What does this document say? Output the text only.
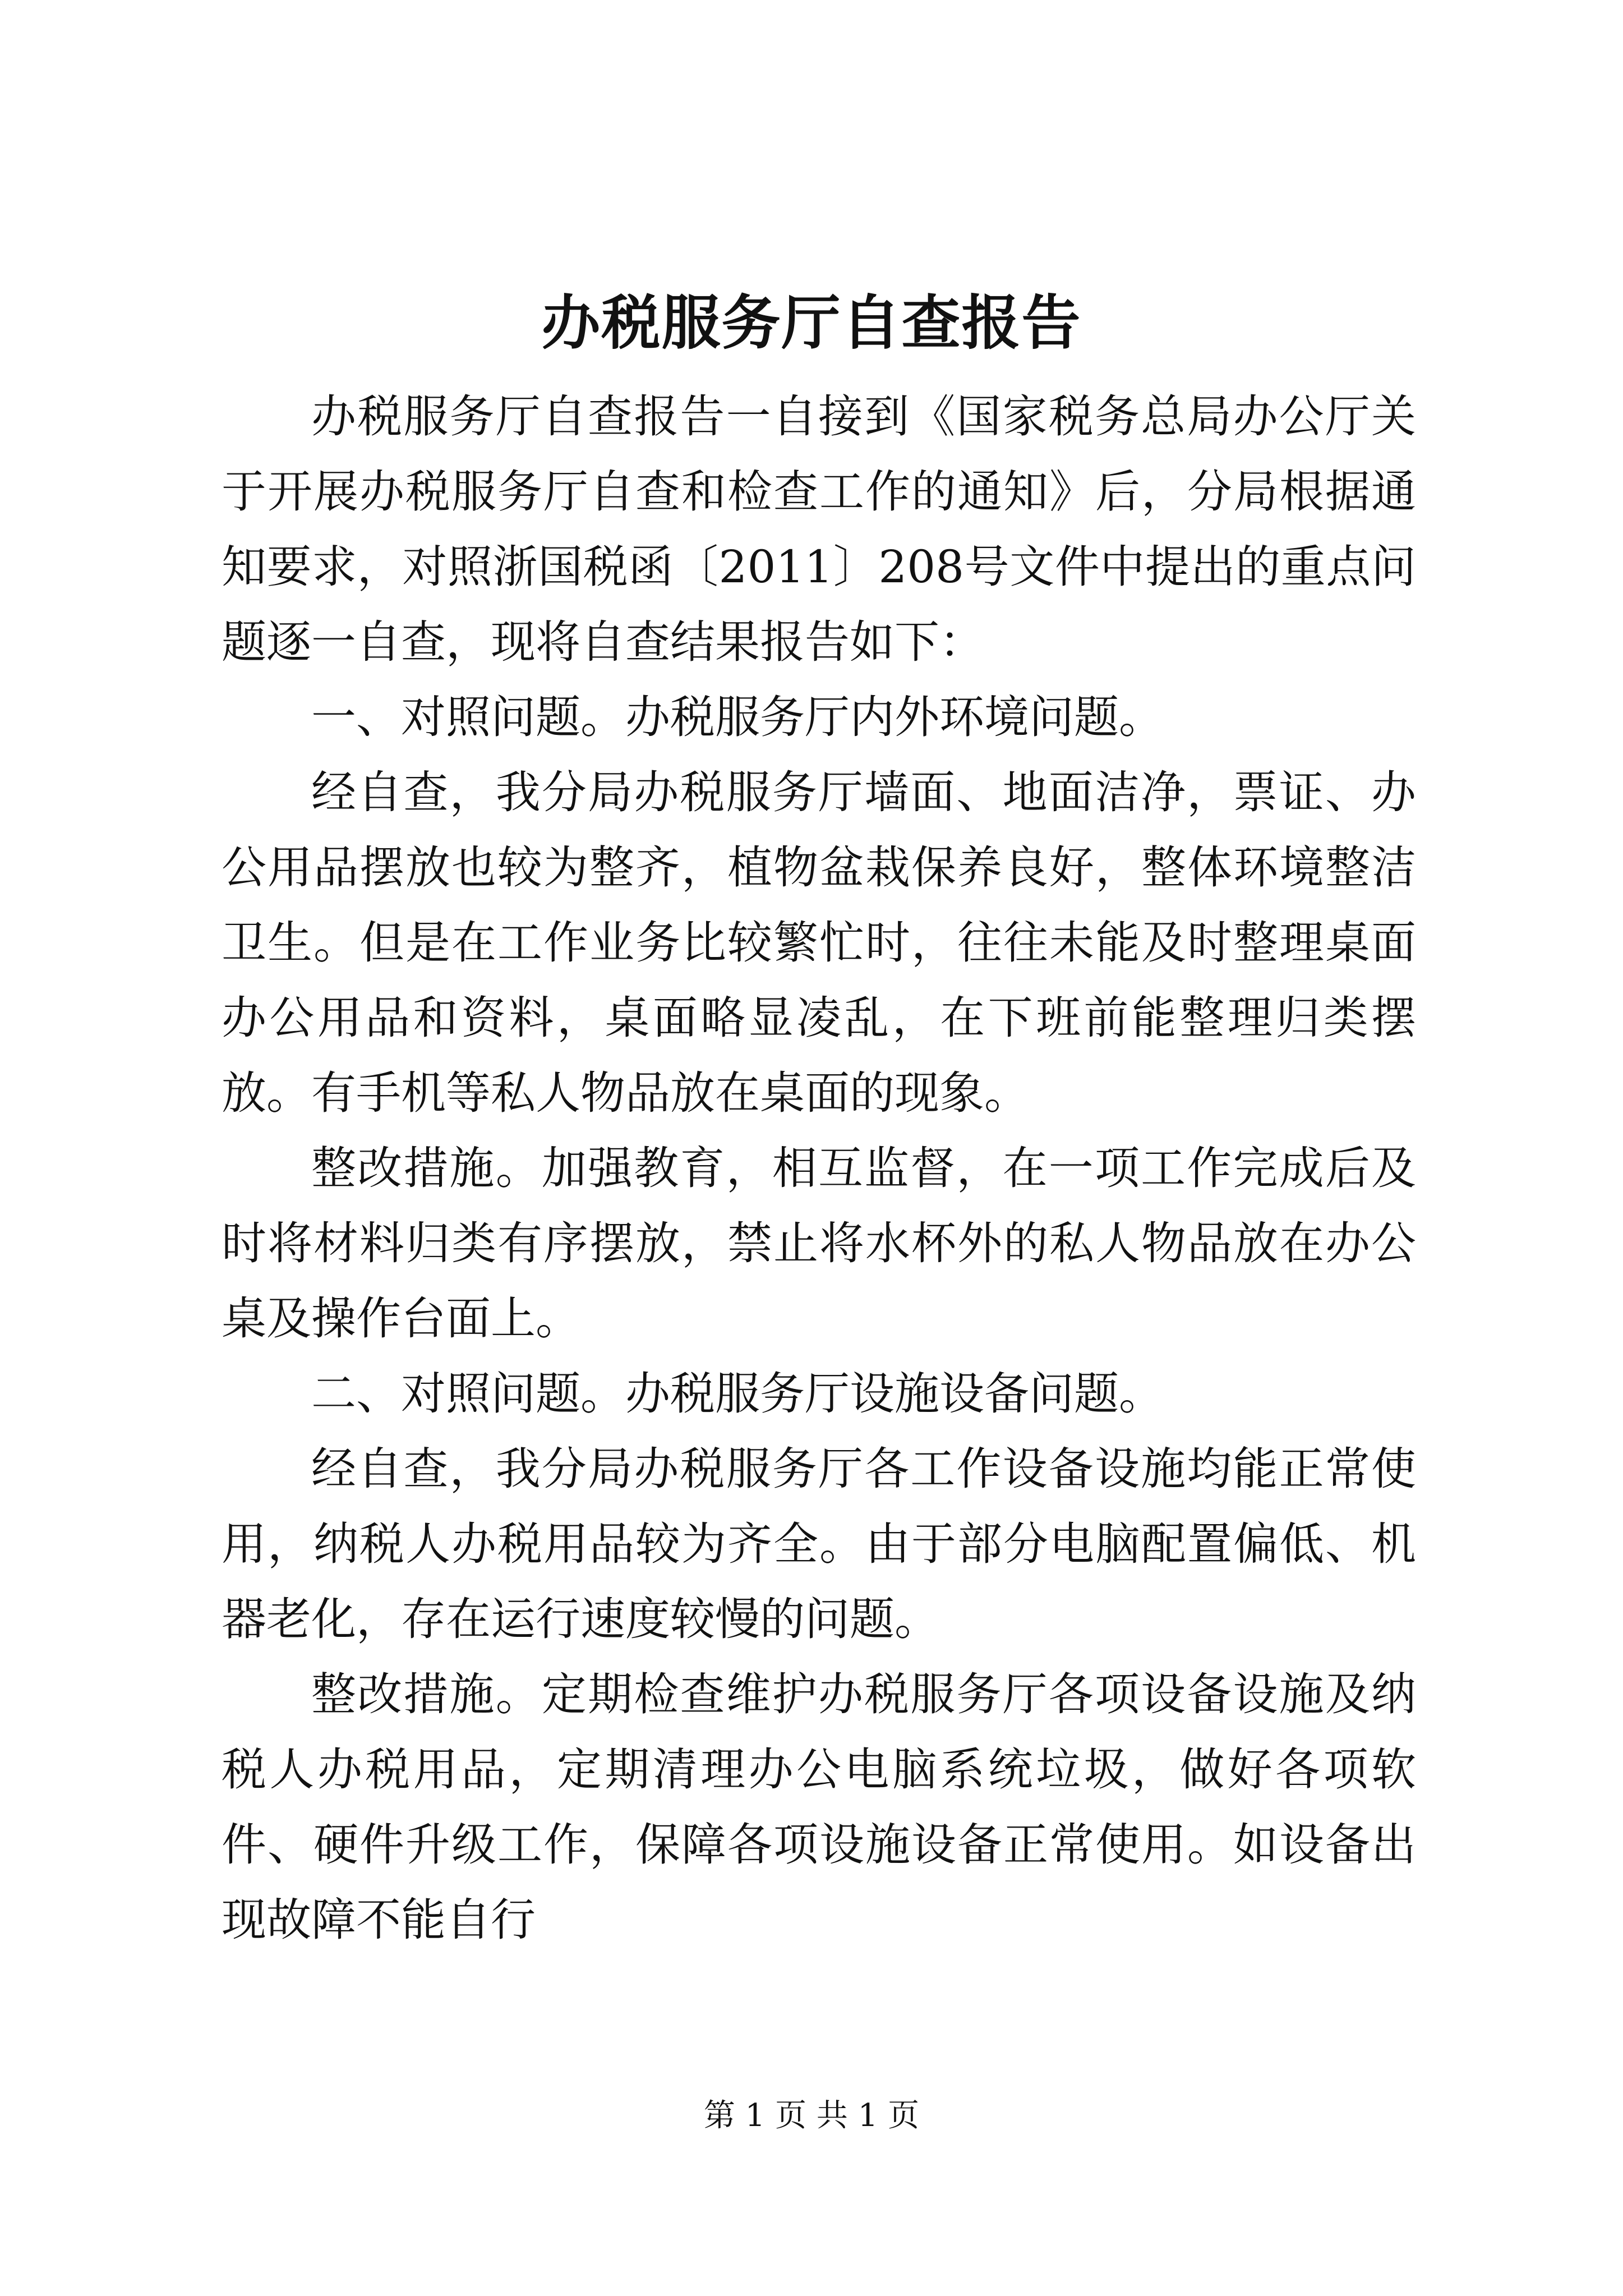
办税服务厅自查报告

办税服务厅自查报告一自接到《国家税务总局办公厅关于开展办税服务厅自查和检查工作的通知》后，分局根据通知要求，对照浙国税函〔2011〕208号文件中提出的重点问题逐一自查，现将自查结果报告如下：

一、对照问题。办税服务厅内外环境问题。

经自查，我分局办税服务厅墙面、地面洁净，票证、办公用品摆放也较为整齐，植物盆栽保养良好，整体环境整洁卫生。但是在工作业务比较繁忙时，往往未能及时整理桌面办公用品和资料，桌面略显凌乱，在下班前能整理归类摆放。有手机等私人物品放在桌面的现象。

整改措施。加强教育，相互监督，在一项工作完成后及时将材料归类有序摆放，禁止将水杯外的私人物品放在办公桌及操作台面上。

二、对照问题。办税服务厅设施设备问题。

经自查，我分局办税服务厅各工作设备设施均能正常使用，纳税人办税用品较为齐全。由于部分电脑配置偏低、机器老化，存在运行速度较慢的问题。

整改措施。定期检查维护办税服务厅各项设备设施及纳税人办税用品，定期清理办公电脑系统垃圾，做好各项软件、硬件升级工作，保障各项设施设备正常使用。如设备出现故障不能自行

第 1 页 共 1 页
